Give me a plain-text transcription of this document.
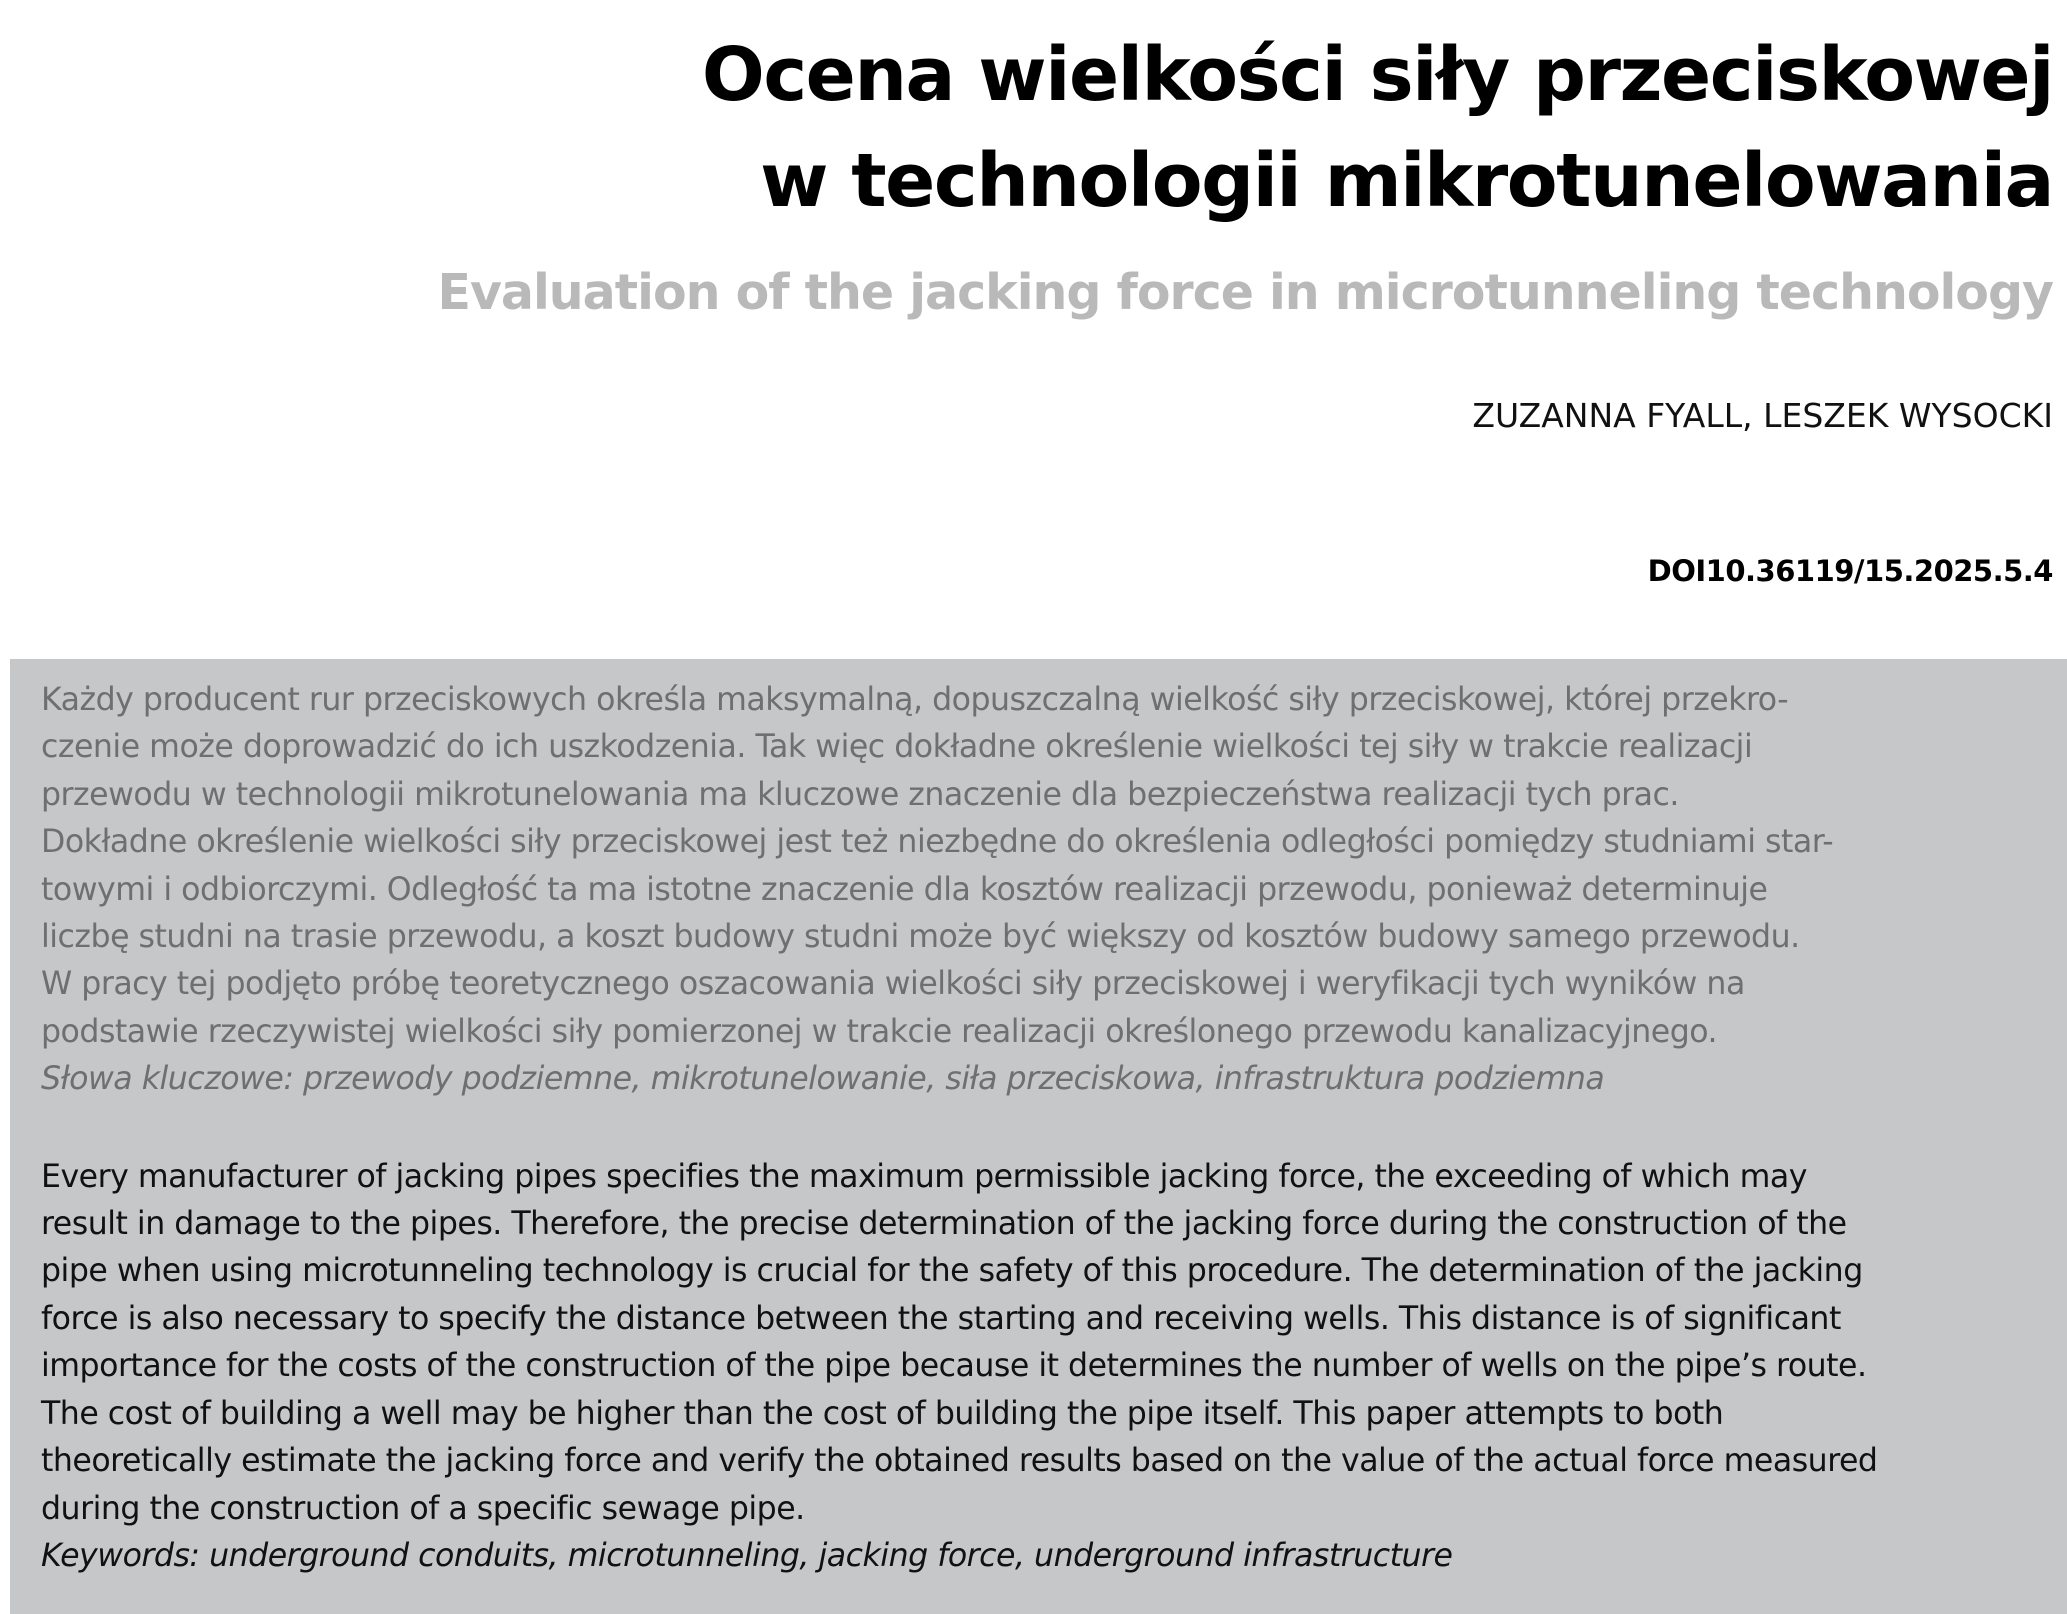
Ocena wielkości siły przeciskowej
w technologii mikrotunelowania
Evaluation of the jacking force in microtunneling technology
ZUZANNA FYALL, LESZEK WYSOCKI
DOI10.36119/15.2025.5.4

Każdy producent rur przeciskowych określa maksymalną, dopuszczalną wielkość siły przeciskowej, której przekro-
czenie może doprowadzić do ich uszkodzenia. Tak więc dokładne określenie wielkości tej siły w trakcie realizacji
przewodu w technologii mikrotunelowania ma kluczowe znaczenie dla bezpieczeństwa realizacji tych prac.
Dokładne określenie wielkości siły przeciskowej jest też niezbędne do określenia odległości pomiędzy studniami star-
towymi i odbiorczymi. Odległość ta ma istotne znaczenie dla kosztów realizacji przewodu, ponieważ determinuje
liczbę studni na trasie przewodu, a koszt budowy studni może być większy od kosztów budowy samego przewodu.
W pracy tej podjęto próbę teoretycznego oszacowania wielkości siły przeciskowej i weryfikacji tych wyników na
podstawie rzeczywistej wielkości siły pomierzonej w trakcie realizacji określonego przewodu kanalizacyjnego.
Słowa kluczowe: przewody podziemne, mikrotunelowanie, siła przeciskowa, infrastruktura podziemna

Every manufacturer of jacking pipes specifies the maximum permissible jacking force, the exceeding of which may
result in damage to the pipes. Therefore, the precise determination of the jacking force during the construction of the
pipe when using microtunneling technology is crucial for the safety of this procedure. The determination of the jacking
force is also necessary to specify the distance between the starting and receiving wells. This distance is of significant
importance for the costs of the construction of the pipe because it determines the number of wells on the pipe’s route.
The cost of building a well may be higher than the cost of building the pipe itself. This paper attempts to both
theoretically estimate the jacking force and verify the obtained results based on the value of the actual force measured
during the construction of a specific sewage pipe.
Keywords: underground conduits, microtunneling, jacking force, underground infrastructure
